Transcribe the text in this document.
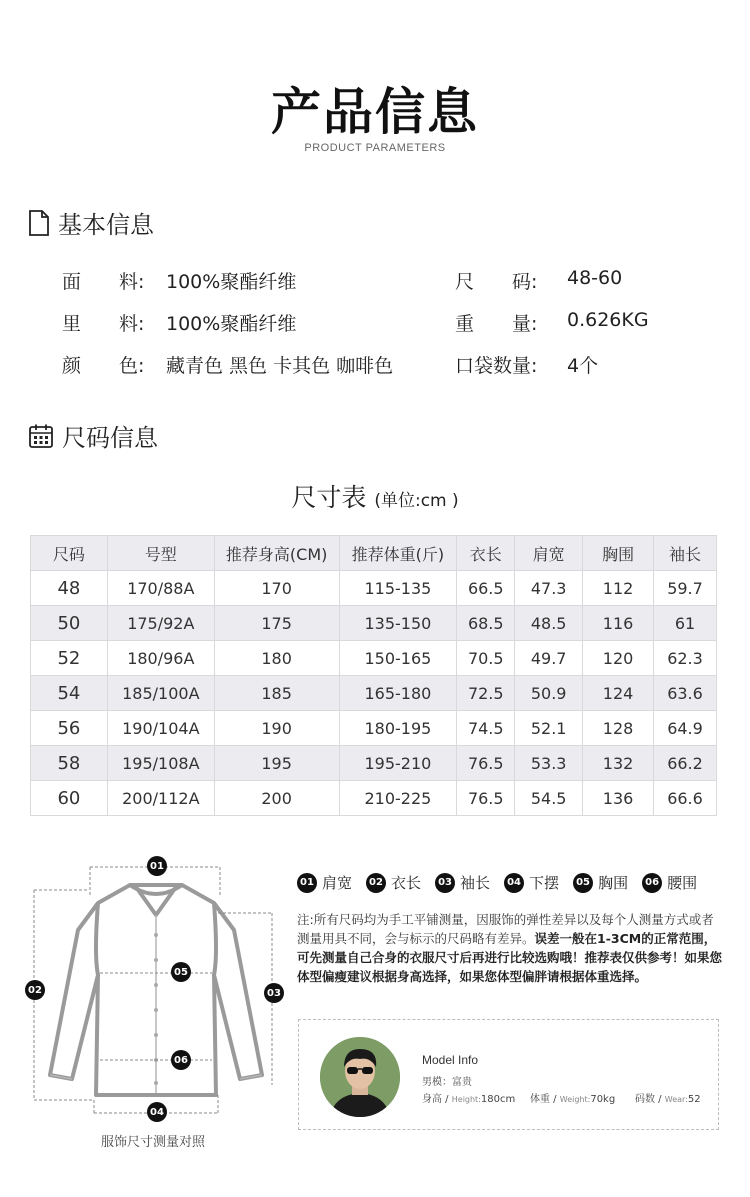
产品信息
PRODUCT PARAMETERS
基本信息
面　　料:	100%聚酯纤维
里　　料:	100%聚酯纤维
颜　　色:	藏青色 黑色 卡其色 咖啡色
尺　　码:	48-60
重　　量:	0.626KG
口袋数量:	4个
尺码信息
尺寸表 (单位:cm )
尺码	号型	推荐身高(CM)	推荐体重(斤)	衣长	肩宽	胸围	袖长
48	170/88A	170	115-135	66.5	47.3	112	59.7
50	175/92A	175	135-150	68.5	48.5	116	61
52	180/96A	180	150-165	70.5	49.7	120	62.3
54	185/100A	185	165-180	72.5	50.9	124	63.6
56	190/104A	190	180-195	74.5	52.1	128	64.9
58	195/108A	195	195-210	76.5	53.3	132	66.2
60	200/112A	200	210-225	76.5	54.5	136	66.6
01
02	03
04
05
06
服饰尺寸测量对照
01 肩宽	02 衣长	03 袖长	04 下摆	05 胸围	06 腰围
注:所有尺码均为手工平铺测量，因服饰的弹性差异以及每个人测量方式或者测量用具不同，会与标示的尺码略有差异。误差一般在1-3CM的正常范围，可先测量自己合身的衣服尺寸后再进行比较选购哦！推荐表仅供参考！如果您体型偏瘦建议根据身高选择，如果您体型偏胖请根据体重选择。
Model Info
男模：富贵
身高 / Height:180cm 体重 / Weight:70kg 码数 / Wear:52
